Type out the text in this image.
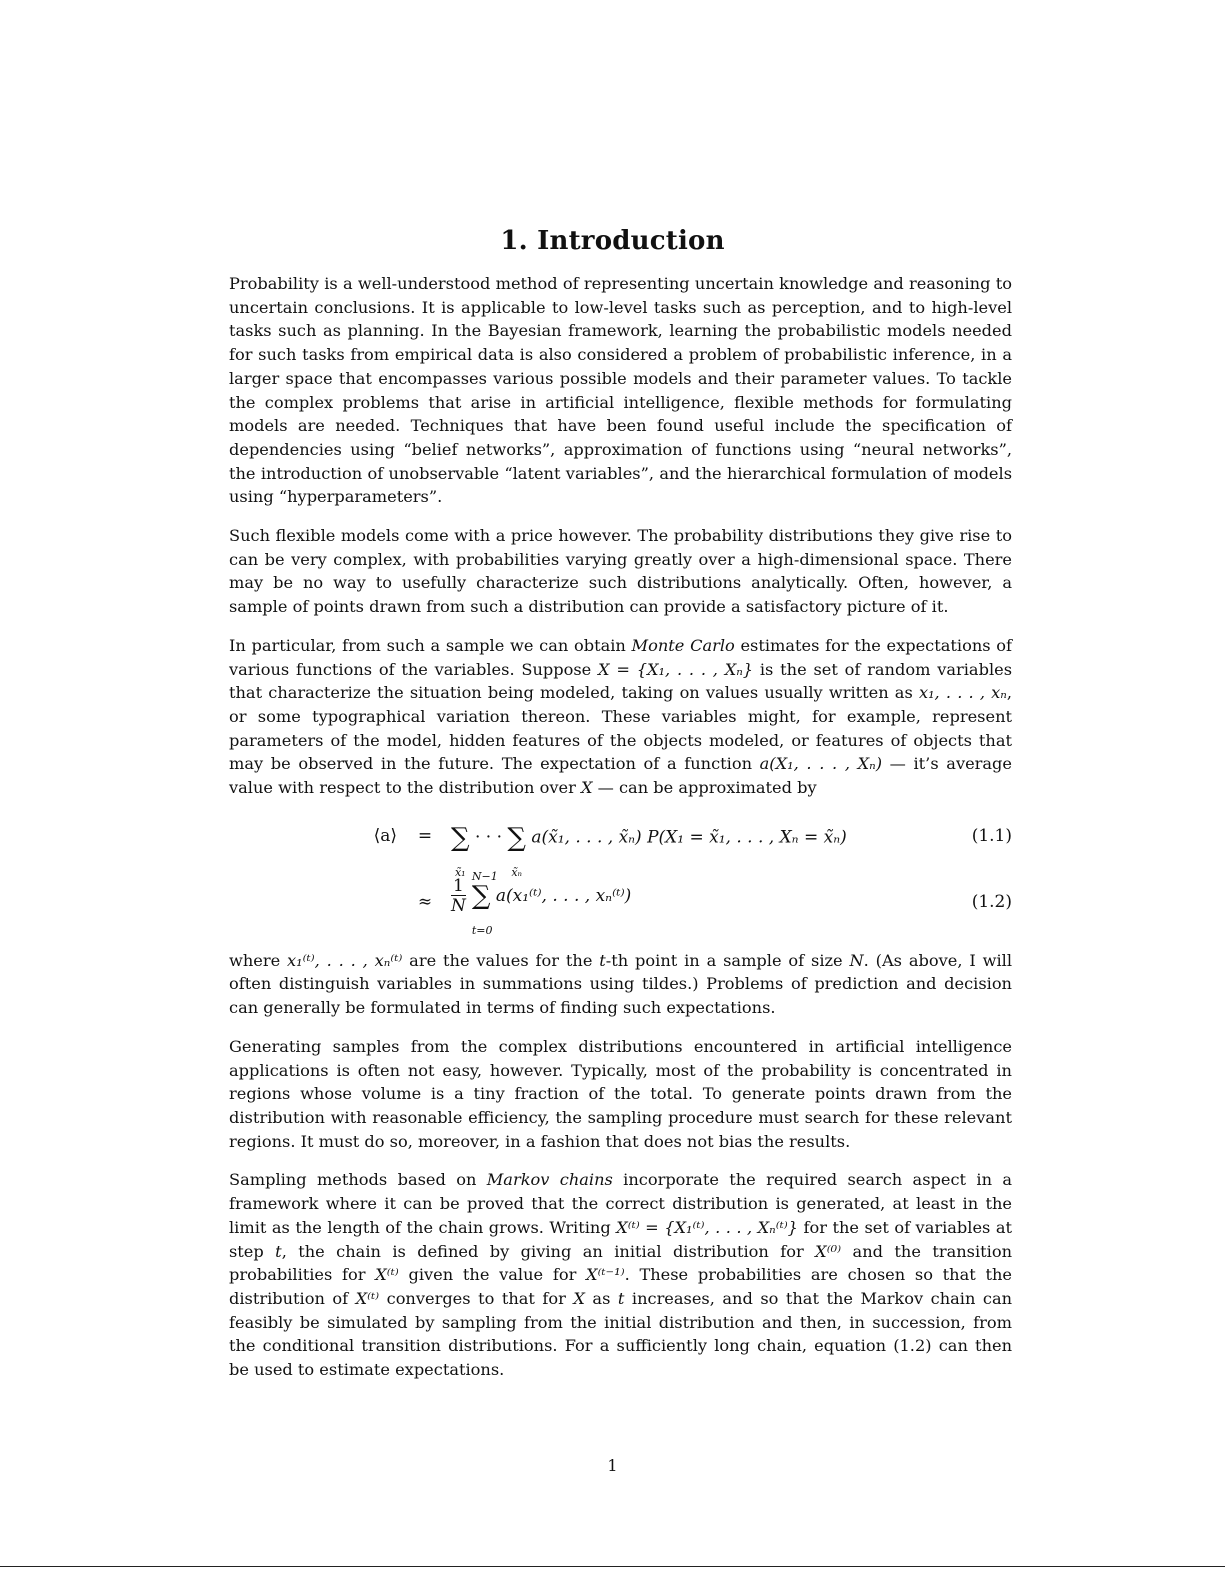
1. Introduction

Probability is a well-understood method of representing uncertain knowledge and reasoning to uncertain conclusions. It is applicable to low-level tasks such as perception, and to high-level tasks such as planning. In the Bayesian framework, learning the probabilistic models needed for such tasks from empirical data is also considered a problem of probabilistic inference, in a larger space that encompasses various possible models and their parameter values. To tackle the complex problems that arise in artificial intelligence, flexible methods for formulating models are needed. Techniques that have been found useful include the specification of dependencies using “belief networks”, approximation of functions using “neural networks”, the introduction of unobservable “latent variables”, and the hierarchical formulation of models using “hyperparameters”.

Such flexible models come with a price however. The probability distributions they give rise to can be very complex, with probabilities varying greatly over a high-dimensional space. There may be no way to usefully characterize such distributions analytically. Often, however, a sample of points drawn from such a distribution can provide a satisfactory picture of it.

In particular, from such a sample we can obtain Monte Carlo estimates for the expectations of various functions of the variables. Suppose X = {X₁, . . . , Xₙ} is the set of random variables that characterize the situation being modeled, taking on values usually written as x₁, . . . , xₙ, or some typographical variation thereon. These variables might, for example, represent parameters of the model, hidden features of the objects modeled, or features of objects that may be observed in the future. The expectation of a function a(X₁, . . . , Xₙ) — it’s average value with respect to the distribution over X — can be approximated by

⟨a⟩ = ∑
x̃₁
· · · ∑
x̃ₙ
a(x̃₁, . . . , x̃ₙ) P(X₁ = x̃₁, . . . , Xₙ = x̃ₙ)	(1.1)
≈ $\frac{1}{N} N-1$
∑
t=0
a(x₁⁽ᵗ⁾, . . . , xₙ⁽ᵗ⁾)	(1.2)

where x₁⁽ᵗ⁾, . . . , xₙ⁽ᵗ⁾ are the values for the t-th point in a sample of size N. (As above, I will often distinguish variables in summations using tildes.) Problems of prediction and decision can generally be formulated in terms of finding such expectations.

Generating samples from the complex distributions encountered in artificial intelligence applications is often not easy, however. Typically, most of the probability is concentrated in regions whose volume is a tiny fraction of the total. To generate points drawn from the distribution with reasonable efficiency, the sampling procedure must search for these relevant regions. It must do so, moreover, in a fashion that does not bias the results.

Sampling methods based on Markov chains incorporate the required search aspect in a framework where it can be proved that the correct distribution is generated, at least in the limit as the length of the chain grows. Writing X⁽ᵗ⁾ = {X₁⁽ᵗ⁾, . . . , Xₙ⁽ᵗ⁾} for the set of variables at step t, the chain is defined by giving an initial distribution for X⁽⁰⁾ and the transition probabilities for X⁽ᵗ⁾ given the value for X⁽ᵗ⁻¹⁾. These probabilities are chosen so that the distribution of X⁽ᵗ⁾ converges to that for X as t increases, and so that the Markov chain can feasibly be simulated by sampling from the initial distribution and then, in succession, from the conditional transition distributions. For a sufficiently long chain, equation (1.2) can then be used to estimate expectations.

1
